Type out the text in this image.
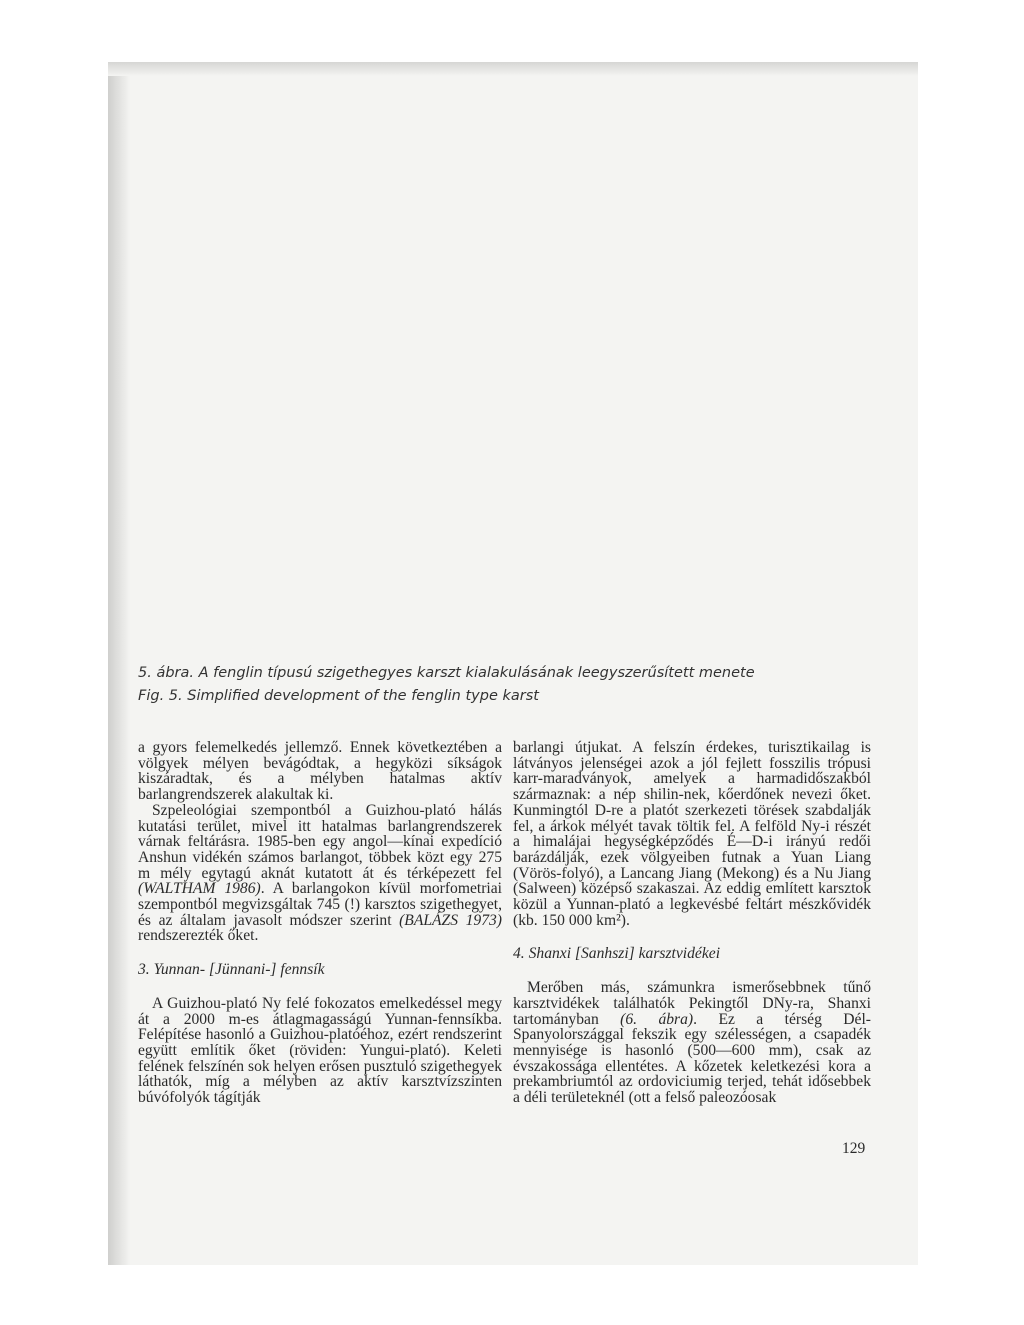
5. ábra. A fenglin típusú szigethegyes karszt kialakulásának leegyszerűsített menete
Fig. 5. Simplified development of the fenglin type karst

a gyors felemelkedés jellemző. Ennek következtében a völgyek mélyen bevágódtak, a hegyközi síkságok kiszáradtak, és a mélyben hatalmas aktív barlangrendszerek alakultak ki.

Szpeleológiai szempontból a Guizhou-plató hálás kutatási terület, mivel itt hatalmas barlangrendszerek várnak feltárásra. 1985-ben egy angol—kínai expedíció Anshun vidékén számos barlangot, többek közt egy 275 m mély egytagú aknát kutatott át és térképezett fel (WALTHAM 1986). A barlangokon kívül morfometriai szempontból megvizsgáltak 745 (!) karsztos szigethegyet, és az általam javasolt módszer szerint (BALÁZS 1973) rendszerezték őket.

3. Yunnan- [Jünnani-] fennsík

A Guizhou-plató Ny felé fokozatos emelkedéssel megy át a 2000 m-es átlagmagasságú Yunnan-fennsíkba. Felépítése hasonló a Guizhou-platóéhoz, ezért rendszerint együtt említik őket (röviden: Yungui-plató). Keleti felének felszínén sok helyen erősen pusztuló szigethegyek láthatók, míg a mélyben az aktív karsztvízszinten búvófolyók tágítják

barlangi útjukat. A felszín érdekes, turisztikailag is látványos jelenségei azok a jól fejlett fosszilis trópusi karr-maradványok, amelyek a harmadidőszakból származnak: a nép shilin-nek, kőerdőnek nevezi őket. Kunmingtól D-re a platót szerkezeti törések szabdalják fel, a árkok mélyét tavak töltik fel. A felföld Ny-i részét a himalájai hegységképződés É—D-i irányú redői barázdálják, ezek völgyeiben futnak a Yuan Liang (Vörös-folyó), a Lancang Jiang (Mekong) és a Nu Jiang (Salween) középső szakaszai. Az eddig említett karsztok közül a Yunnan-plató a legkevésbé feltárt mészkővidék (kb. 150 000 km²).

4. Shanxi [Sanhszi] karsztvidékei

Merőben más, számunkra ismerősebbnek tűnő karsztvidékek találhatók Pekingtől DNy-ra, Shanxi tartományban (6. ábra). Ez a térség Dél-Spanyolországgal fekszik egy szélességen, a csapadék mennyisége is hasonló (500—600 mm), csak az évszakossága ellentétes. A kőzetek keletkezési kora a prekambriumtól az ordoviciumig terjed, tehát idősebbek a déli területeknél (ott a felső paleozóosak

129
